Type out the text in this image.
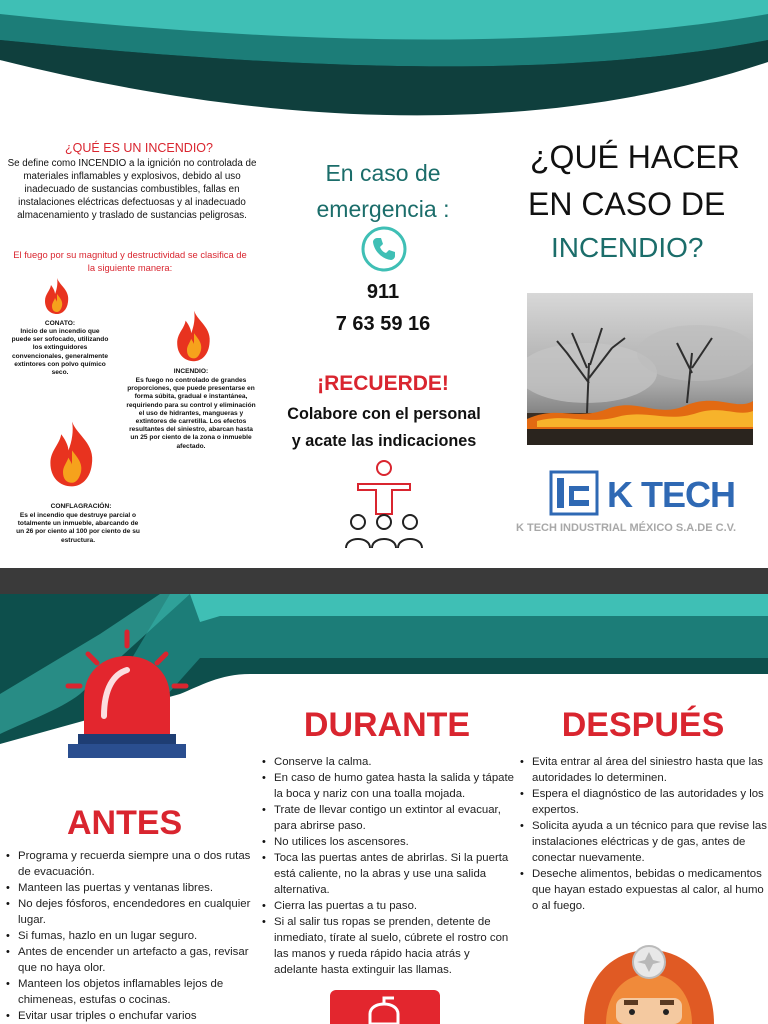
¿QUÉ ES UN INCENDIO?
Se define como INCENDIO a la ignición no controlada de materiales inflamables y explosivos, debido al uso inadecuado de sustancias combustibles, fallas en instalaciones eléctricas defectuosas y al inadecuado almacenamiento y traslado de sustancias peligrosas.
El fuego por su magnitud y destructividad se clasifica de la siguiente manera:
CONATO:
Inicio de un incendio que puede ser sofocado, utilizando los extinguidores convencionales, generalmente extintores con polvo químico seco.	INCENDIO:
Es fuego no controlado de grandes proporciones, que puede presentarse en forma súbita, gradual e instantánea, requiriendo para su control y eliminación el uso de hidrantes, mangueras y extintores de carretilla. Los efectos resultantes del siniestro, abarcan hasta un 25 por ciento de la zona o inmueble afectado.
CONFLAGRACIÓN:
Es el incendio que destruye parcial o totalmente un inmueble, abarcando de un 26 por ciento al 100 por ciento de su estructura.
En caso de
emergencia :
911
7 63 59 16
¡RECUERDE!
Colabore con el personal
y acate las indicaciones
¿QUÉ HACER
EN CASO DE
INCENDIO?
K TECH
K TECH INDUSTRIAL MÉXICO S.A.DE C.V.
ANTES
• Programa y recuerda siempre una o dos rutas de evacuación.
• Manteen las puertas y ventanas libres.
• No dejes fósforos, encendedores en cualquier lugar.
• Si fumas, hazlo en un lugar seguro.
• Antes de encender un artefacto a gas, revisar que no haya olor.
• Manteen los objetos inflamables lejos de chimeneas, estufas o cocinas.
• Evitar usar triples o enchufar varios
DURANTE
• Conserve la calma.
• En caso de humo gatea hasta la salida y tápate la boca y nariz con una toalla mojada.
• Trate de llevar contigo un extintor al evacuar, para abrirse paso.
• No utilices los ascensores.
• Toca las puertas antes de abrirlas. Si la puerta está caliente, no la abras y use una salida alternativa.
• Cierra las puertas a tu paso.
• Si al salir tus ropas se prenden, detente de inmediato, tírate al suelo, cúbrete el rostro con las manos y rueda rápido hacia atrás y adelante hasta extinguir las llamas.
DESPUÉS
• Evita entrar al área del siniestro hasta que las autoridades lo determinen.
• Espera el diagnóstico de las autoridades y los expertos.
• Solicita ayuda a un técnico para que revise las instalaciones eléctricas y de gas, antes de conectar nuevamente.
• Deseche alimentos, bebidas o medicamentos que hayan estado expuestas al calor, al humo o al fuego.
